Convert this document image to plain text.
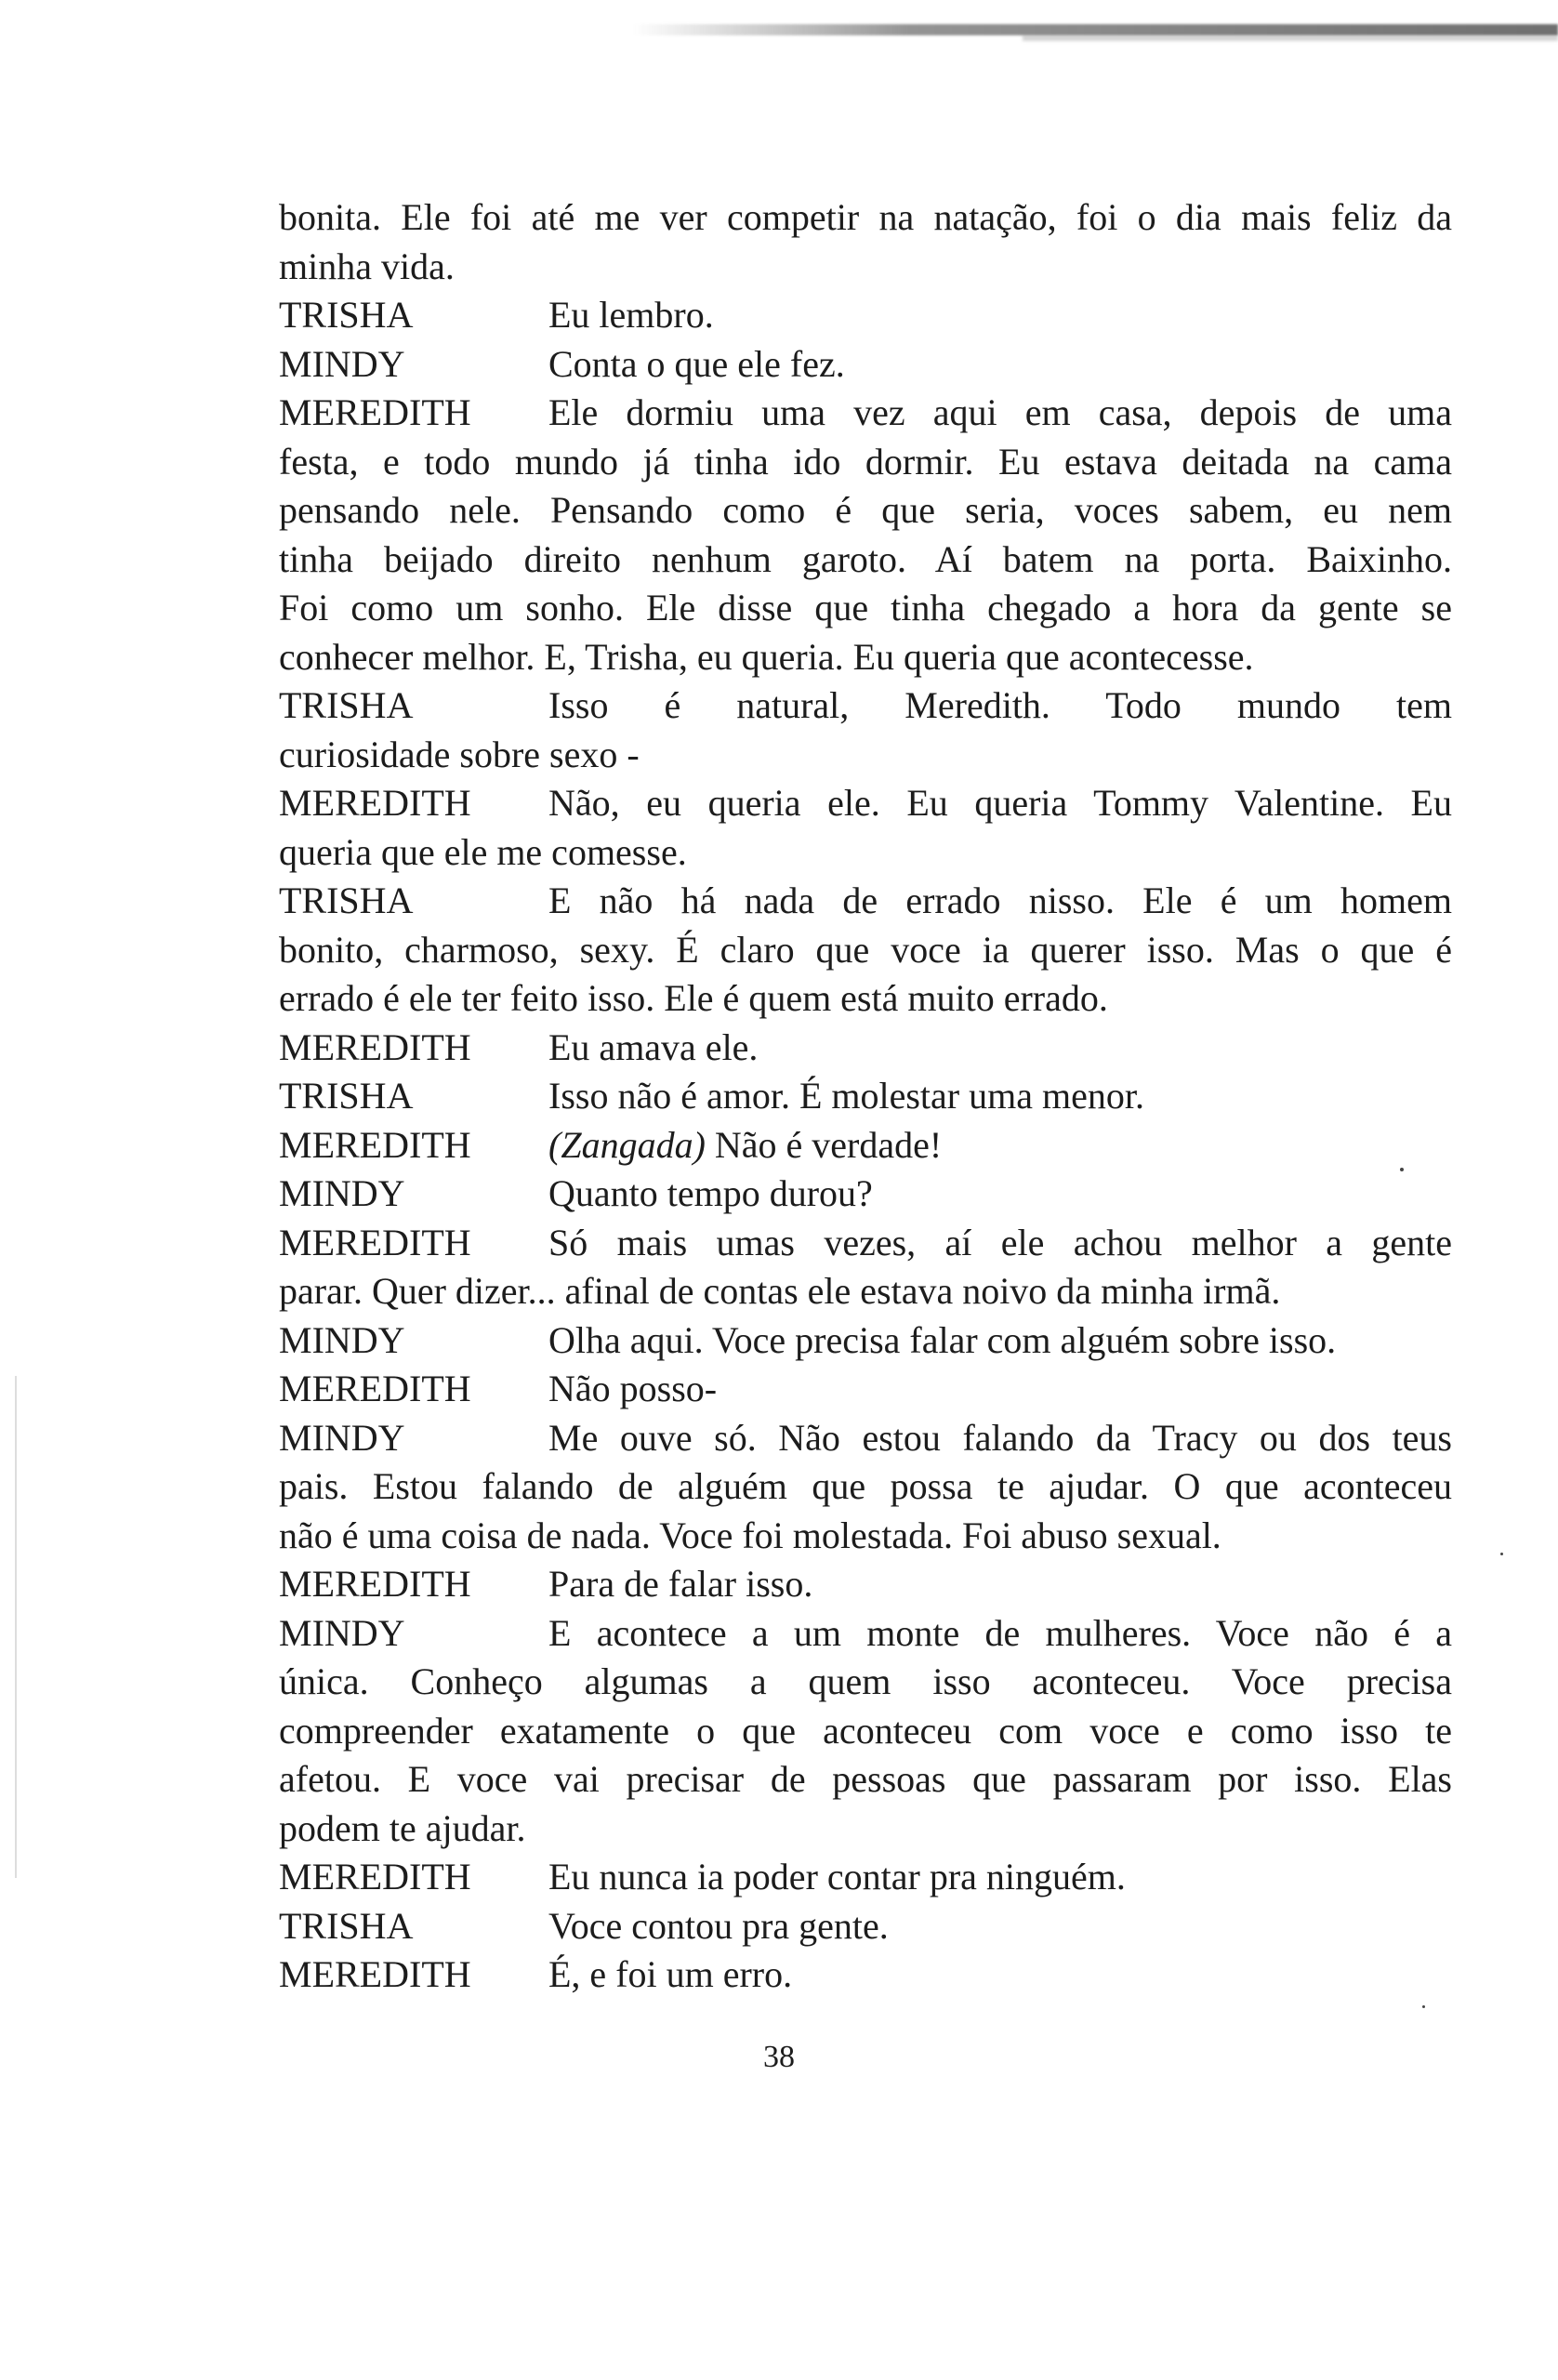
bonita. Ele foi até me ver competir na natação, foi o dia mais feliz da
minha vida.
TRISHA	Eu lembro.
MINDY	Conta o que ele fez.
MEREDITH Ele dormiu uma vez aqui em casa, depois de uma
festa, e todo mundo já tinha ido dormir. Eu estava deitada na cama
pensando nele. Pensando como é que seria, voces sabem, eu nem
tinha beijado direito nenhum garoto. Aí batem na porta. Baixinho.
Foi como um sonho. Ele disse que tinha chegado a hora da gente se
conhecer melhor. E, Trisha, eu queria. Eu queria que acontecesse.
TRISHA	Isso é natural, Meredith. Todo mundo tem
curiosidade sobre sexo -
MEREDITH Não, eu queria ele. Eu queria Tommy Valentine. Eu
queria que ele me comesse.
TRISHA	E não há nada de errado nisso. Ele é um homem
bonito, charmoso, sexy. É claro que voce ia querer isso. Mas o que é
errado é ele ter feito isso. Ele é quem está muito errado.
MEREDITH Eu amava ele.
TRISHA	Isso não é amor. É molestar uma menor.
MEREDITH (Zangada) Não é verdade!
MINDY	Quanto tempo durou?
MEREDITH Só mais umas vezes, aí ele achou melhor a gente
parar. Quer dizer... afinal de contas ele estava noivo da minha irmã.
MINDY	Olha aqui. Voce precisa falar com alguém sobre isso.
MEREDITH Não posso-
MINDY	Me ouve só. Não estou falando da Tracy ou dos teus
pais. Estou falando de alguém que possa te ajudar. O que aconteceu
não é uma coisa de nada. Voce foi molestada. Foi abuso sexual.
MEREDITH Para de falar isso.
MINDY	E acontece a um monte de mulheres. Voce não é a
única. Conheço algumas a quem isso aconteceu. Voce precisa
compreender exatamente o que aconteceu com voce e como isso te
afetou. E voce vai precisar de pessoas que passaram por isso. Elas
podem te ajudar.
MEREDITH Eu nunca ia poder contar pra ninguém.
TRISHA	Voce contou pra gente.
MEREDITH É, e foi um erro.
38
